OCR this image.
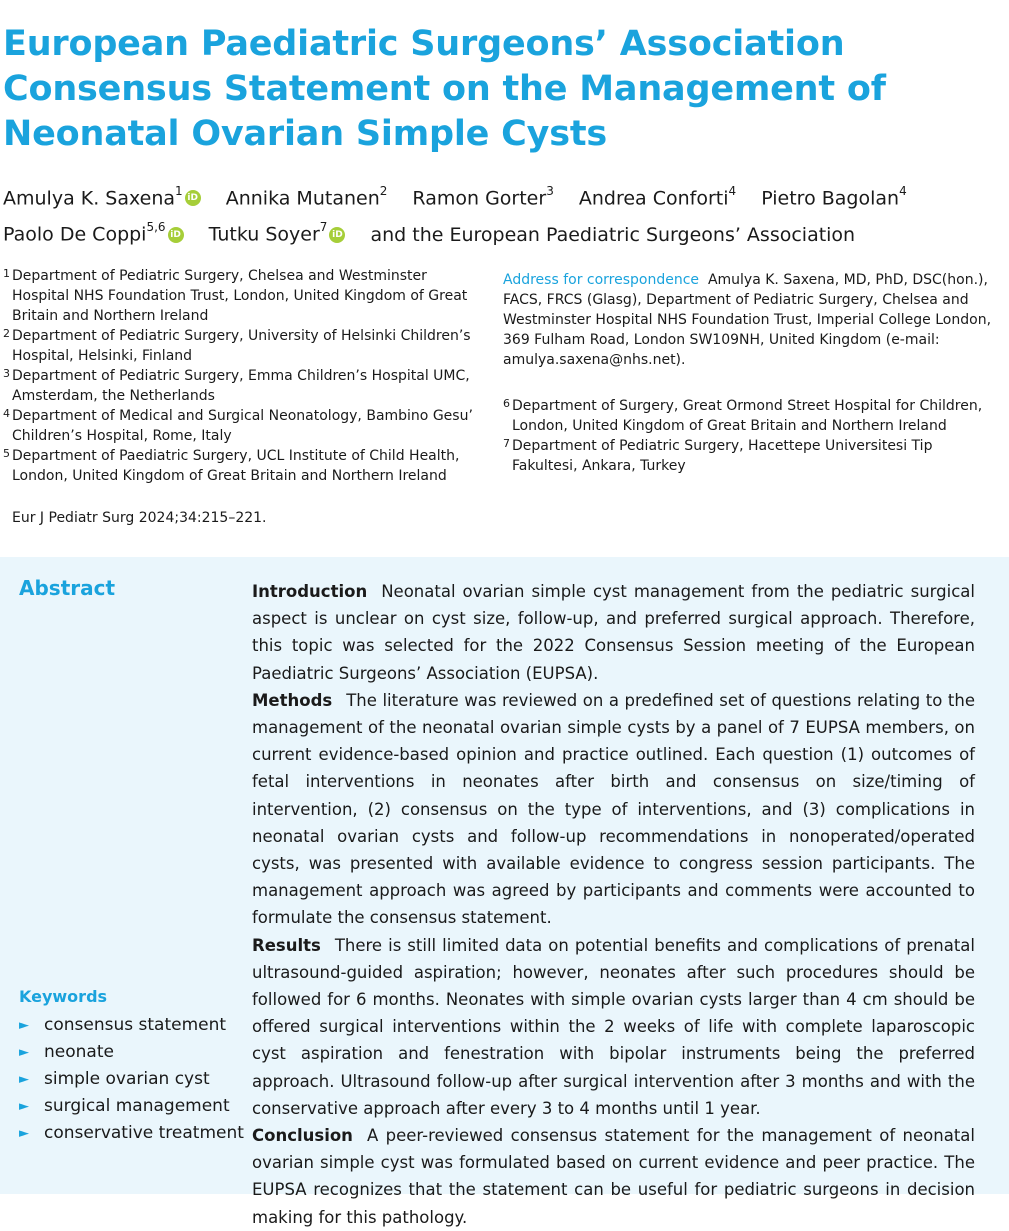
European Paediatric Surgeons’ Association Consensus Statement on the Management of Neonatal Ovarian Simple Cysts
Amulya K. Saxena$^1$iD Annika Mutanen$^2$ Ramon Gorter$^3$ Andrea Conforti$^4$ Pietro Bagolan$^4$
Paolo De Coppi$^{5,6}$iD Tutku Soyer$^7$iD and the European Paediatric Surgeons’ Association
1 Department of Pediatric Surgery, Chelsea and Westminster Hospital NHS Foundation Trust, London, United Kingdom of Great Britain and Northern Ireland
2 Department of Pediatric Surgery, University of Helsinki Children’s Hospital, Helsinki, Finland
3 Department of Pediatric Surgery, Emma Children’s Hospital UMC, Amsterdam, the Netherlands
4 Department of Medical and Surgical Neonatology, Bambino Gesu’ Children’s Hospital, Rome, Italy
5 Department of Paediatric Surgery, UCL Institute of Child Health, London, United Kingdom of Great Britain and Northern Ireland
Address for correspondence Amulya K. Saxena, MD, PhD, DSC(hon.), FACS, FRCS (Glasg), Department of Pediatric Surgery, Chelsea and Westminster Hospital NHS Foundation Trust, Imperial College London, 369 Fulham Road, London SW109NH, United Kingdom (e-mail: amulya.saxena@nhs.net).
6 Department of Surgery, Great Ormond Street Hospital for Children, London, United Kingdom of Great Britain and Northern Ireland
7 Department of Pediatric Surgery, Hacettepe Universitesi Tip Fakultesi, Ankara, Turkey
Eur J Pediatr Surg 2024;34:215–221.
Abstract	Introduction Neonatal ovarian simple cyst management from the pediatric surgical aspect is unclear on cyst size, follow-up, and preferred surgical approach. Therefore, this topic was selected for the 2022 Consensus Session meeting of the European Paediatric Surgeons’ Association (EUPSA).

Methods The literature was reviewed on a predefined set of questions relating to the management of the neonatal ovarian simple cysts by a panel of 7 EUPSA members, on current evidence-based opinion and practice outlined. Each question (1) outcomes of fetal interventions in neonates after birth and consensus on size/timing of intervention, (2) consensus on the type of interventions, and (3) complications in neonatal ovarian cysts and follow-up recommendations in nonoperated/operated cysts, was presented with available evidence to congress session participants. The management approach was agreed by participants and comments were accounted to formulate the consensus statement.

Results There is still limited data on potential benefits and complications of prenatal ultrasound-guided aspiration; however, neonates after such procedures should be followed for 6 months. Neonates with simple ovarian cysts larger than 4 cm should be offered surgical interventions within the 2 weeks of life with complete laparoscopic cyst aspiration and fenestration with bipolar instruments being the preferred approach. Ultrasound follow-up after surgical intervention after 3 months and with the conservative approach after every 3 to 4 months until 1 year.

Conclusion A peer-reviewed consensus statement for the management of neonatal ovarian simple cyst was formulated based on current evidence and peer practice. The EUPSA recognizes that the statement can be useful for pediatric surgeons in decision making for this pathology.

Keywords
► consensus statement
► neonate
► simple ovarian cyst
► surgical management
► conservative treatment
